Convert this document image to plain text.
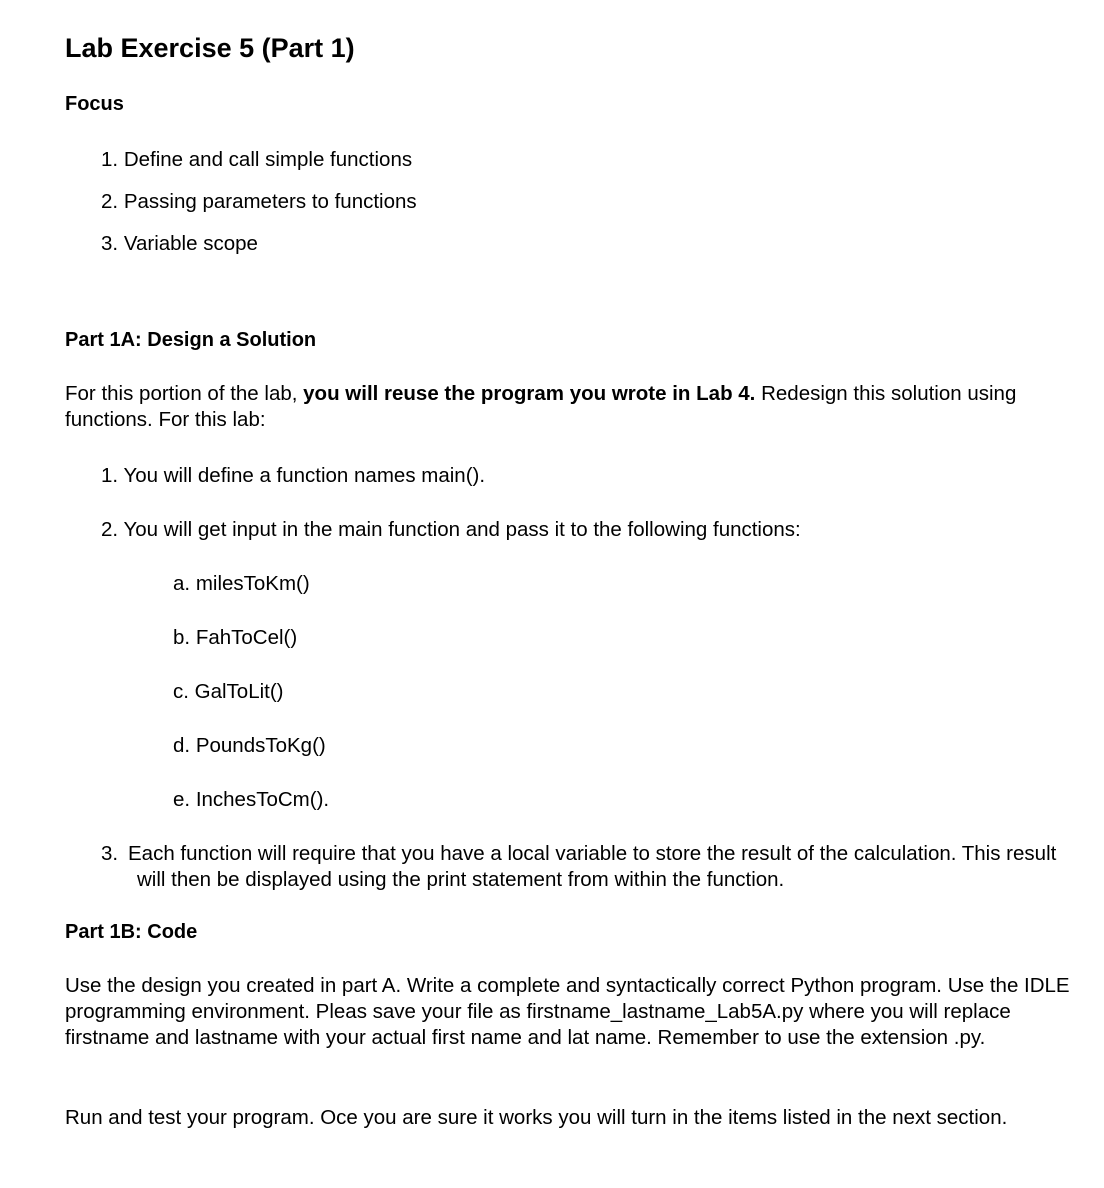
Lab Exercise 5 (Part 1)
Focus
1. Define and call simple functions
2. Passing parameters to functions
3. Variable scope
Part 1A: Design a Solution

For this portion of the lab, you will reuse the program you wrote in Lab 4. Redesign this solution using functions. For this lab:

1. You will define a function names main().
2. You will get input in the main function and pass it to the following functions:
a. milesToKm()
b. FahToCel()
c. GalToLit()
d. PoundsToKg()
e. InchesToCm().
3. Each function will require that you have a local variable to store the result of the calculation. This result will then be displayed using the print statement from within the function.
Part 1B: Code

Use the design you created in part A. Write a complete and syntactically correct Python program. Use the IDLE programming environment. Pleas save your file as firstname_lastname_Lab5A.py where you will replace firstname and lastname with your actual first name and lat name. Remember to use the extension .py.

Run and test your program. Oce you are sure it works you will turn in the items listed in the next section.
